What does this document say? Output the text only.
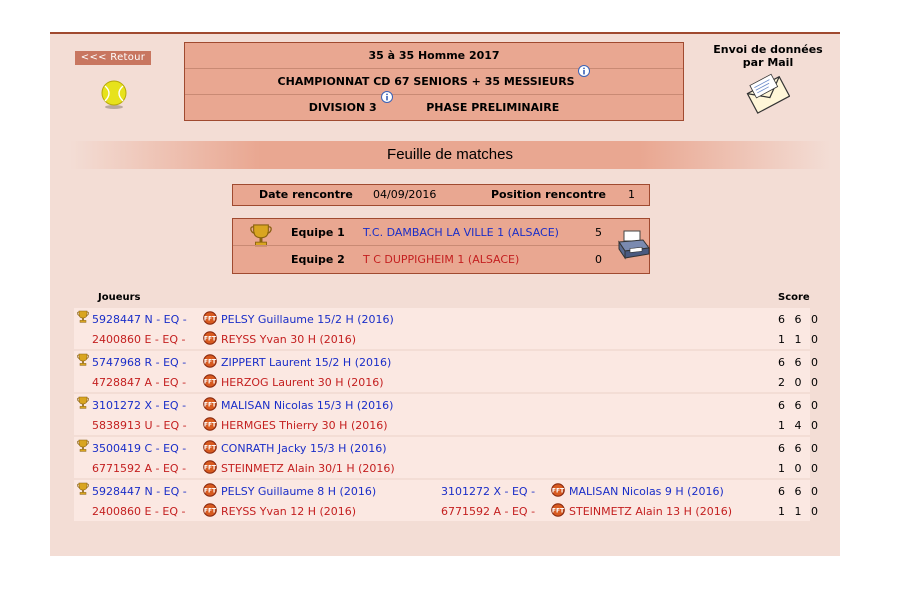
<<< Retour	35 à 35 Homme 2017
CHAMPIONNAT CD 67 SENIORS + 35 MESSIEURS
DIVISION 3	PHASE PRELIMINAIRE
Envoi de données par Mail
Feuille de matches
Date rencontre 04/09/2016	Position rencontre 1
Equipe 1 T.C. DAMBACH LA VILLE 1 (ALSACE)	5
Equipe 2 T C DUPPIGHEIM 1 (ALSACE)	0
Joueurs	Score
5928447 N - EQ -	PELSY Guillaume 15/2 H (2016)	6 6 0
2400860 E - EQ -	REYSS Yvan 30 H (2016)	1 1 0
5747968 R - EQ -	ZIPPERT Laurent 15/2 H (2016)	6 6 0
4728847 A - EQ -	HERZOG Laurent 30 H (2016)	2 0 0
3101272 X - EQ -	MALISAN Nicolas 15/3 H (2016)	6 6 0
5838913 U - EQ -	HERMGES Thierry 30 H (2016)	1 4 0
3500419 C - EQ -	CONRATH Jacky 15/3 H (2016)	6 6 0
6771592 A - EQ -	STEINMETZ Alain 30/1 H (2016)	1 0 0
5928447 N - EQ -	PELSY Guillaume 8 H (2016)	3101272 X - EQ -	MALISAN Nicolas 9 H (2016)	6 6 0
2400860 E - EQ -	REYSS Yvan 12 H (2016)	6771592 A - EQ -	STEINMETZ Alain 13 H (2016)	1 1 0
